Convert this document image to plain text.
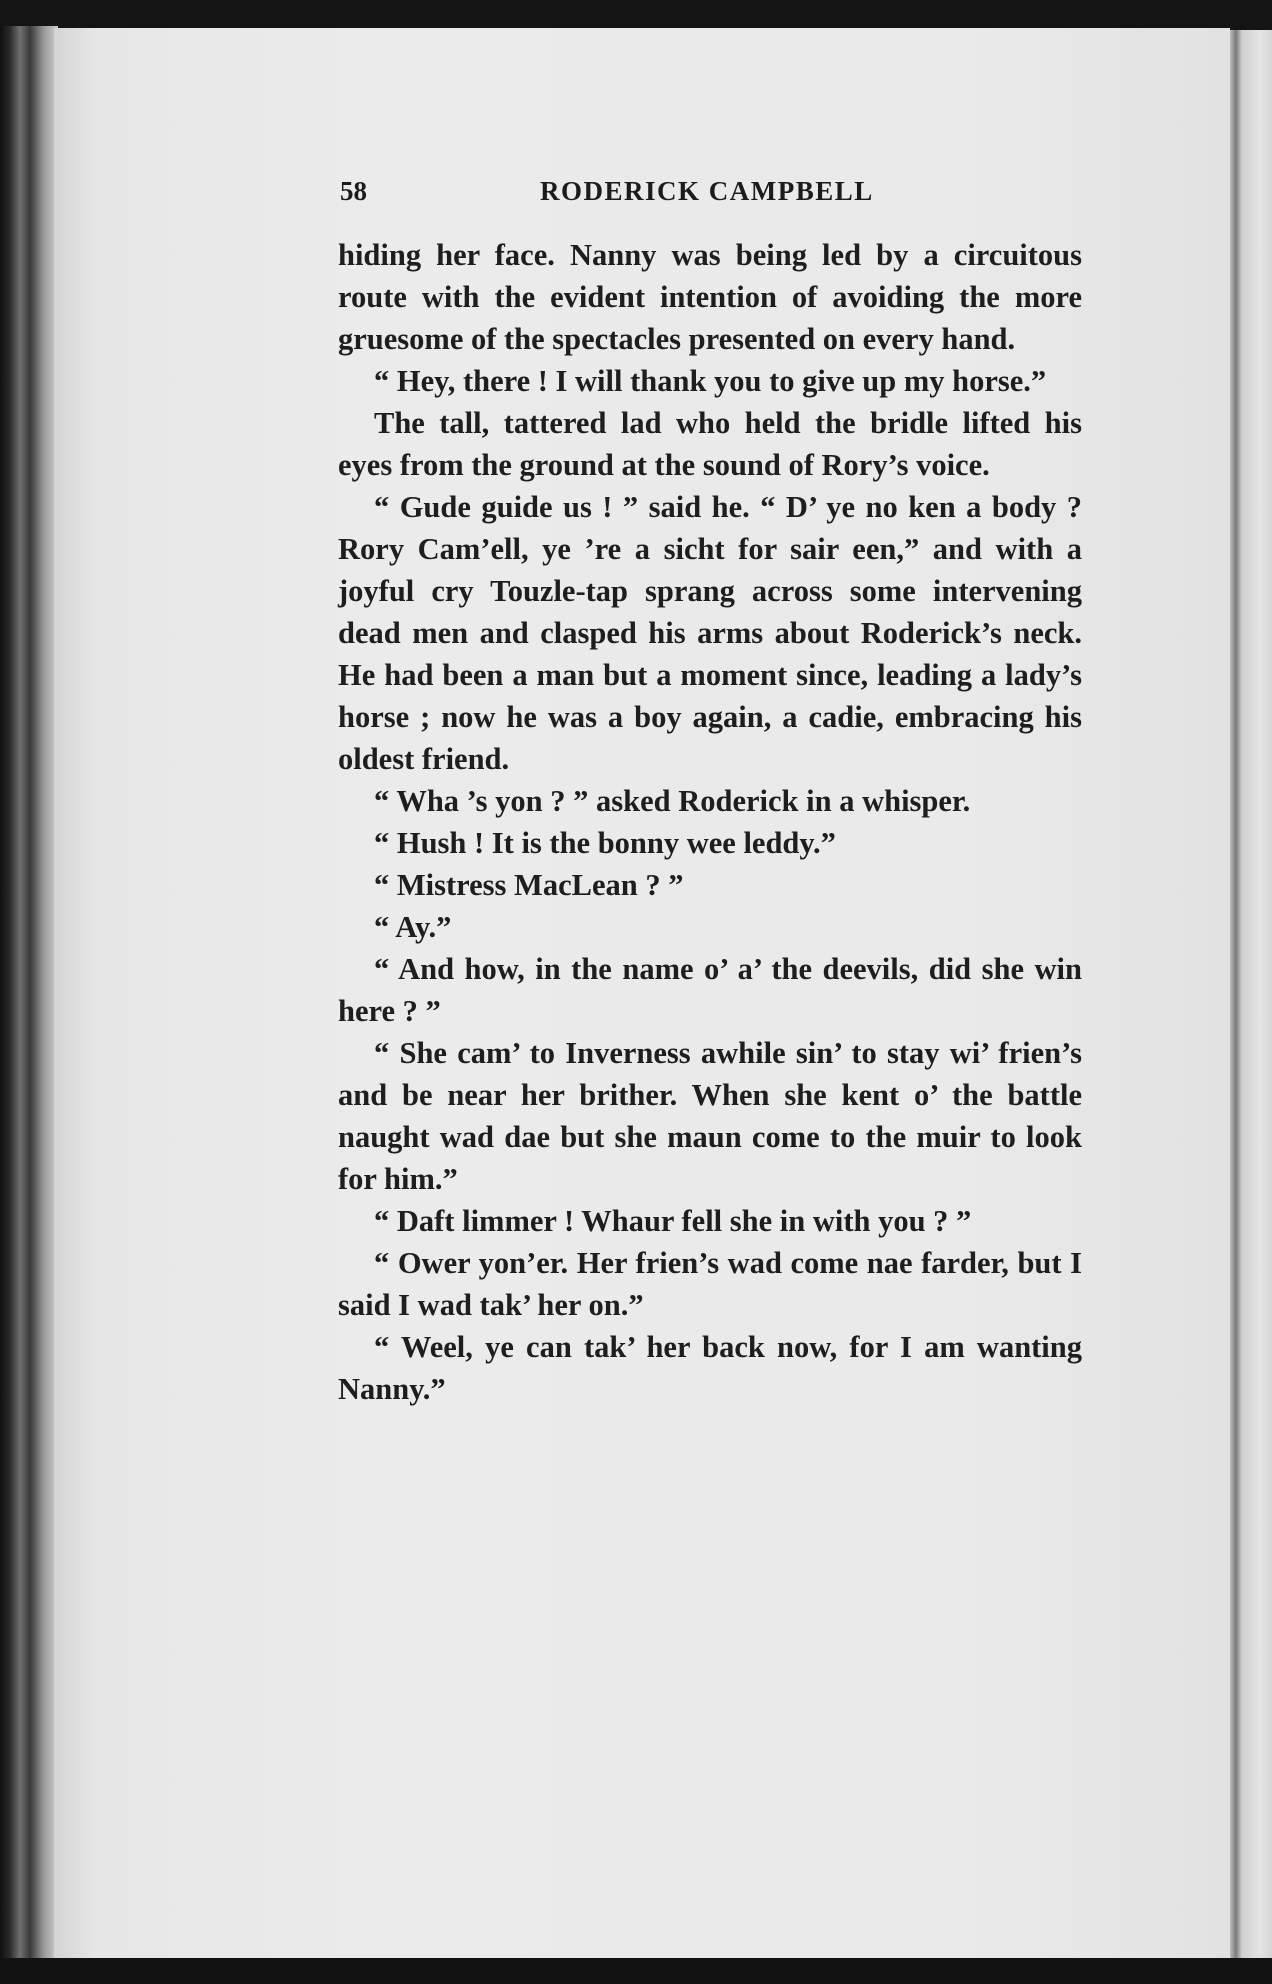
58	RODERICK CAMPBELL

hiding her face. Nanny was being led by a circuitous route with the evident intention of avoiding the more gruesome of the spectacles presented on every hand.

“ Hey, there ! I will thank you to give up my horse.”

The tall, tattered lad who held the bridle lifted his eyes from the ground at the sound of Rory’s voice.

“ Gude guide us ! ” said he. “ D’ ye no ken a body ? Rory Cam’ell, ye ’re a sicht for sair een,” and with a joyful cry Touzle-tap sprang across some intervening dead men and clasped his arms about Roderick’s neck. He had been a man but a moment since, leading a lady’s horse ; now he was a boy again, a cadie, embracing his oldest friend.

“ Wha ’s yon ? ” asked Roderick in a whisper.

“ Hush ! It is the bonny wee leddy.”

“ Mistress MacLean ? ”

“ Ay.”

“ And how, in the name o’ a’ the deevils, did she win here ? ”

“ She cam’ to Inverness awhile sin’ to stay wi’ frien’s and be near her brither. When she kent o’ the battle naught wad dae but she maun come to the muir to look for him.”

“ Daft limmer ! Whaur fell she in with you ? ”

“ Ower yon’er. Her frien’s wad come nae farder, but I said I wad tak’ her on.”

“ Weel, ye can tak’ her back now, for I am wanting Nanny.”
